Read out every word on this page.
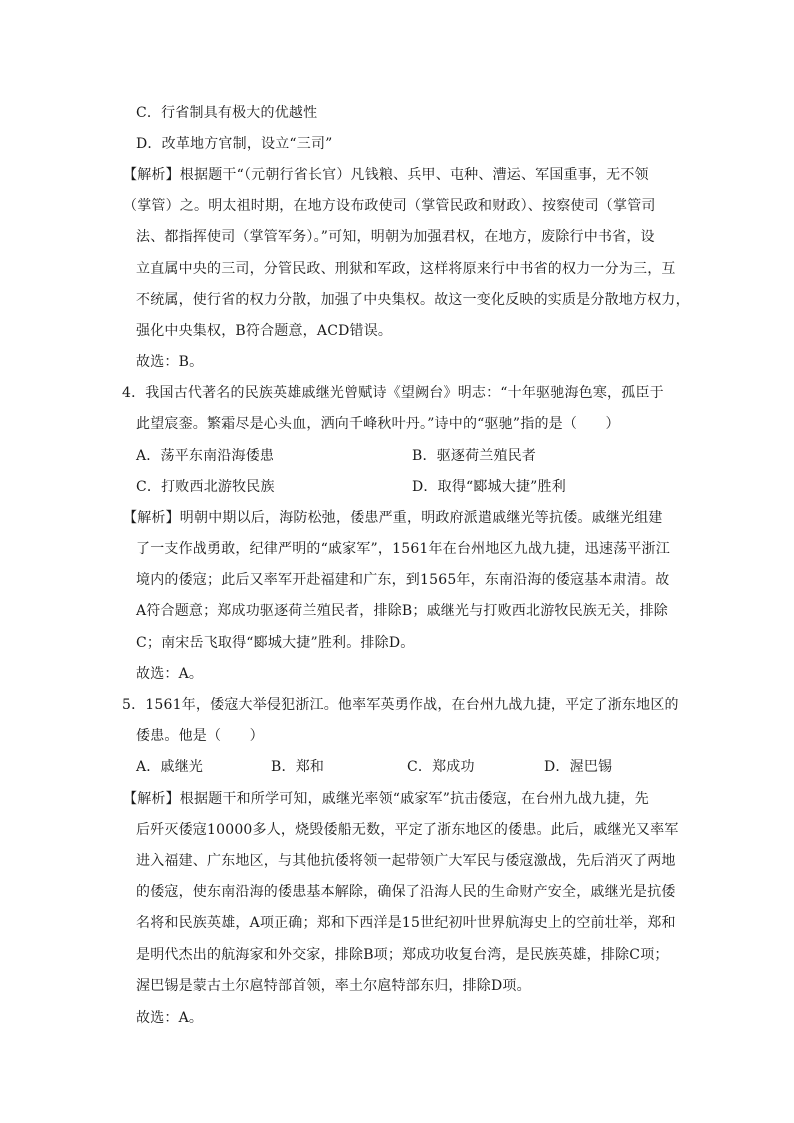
C．行省制具有极大的优越性
D．改革地方官制，设立“三司”
【解析】根据题干“（元朝行省长官）凡钱粮、兵甲、屯种、漕运、军国重事，无不领
（掌管）之。明太祖时期，在地方设布政使司（掌管民政和财政）、按察使司（掌管司
法、都指挥使司（掌管军务）。”可知，明朝为加强君权，在地方，废除行中书省，设
立直属中央的三司，分管民政、刑狱和军政，这样将原来行中书省的权力一分为三，互
不统属，使行省的权力分散，加强了中央集权。故这一变化反映的实质是分散地方权力，
强化中央集权，B符合题意，ACD错误。
故选：B。
4．我国古代著名的民族英雄戚继光曾赋诗《望阙台》明志：“十年驱驰海色寒，孤臣于
此望宸銮。繁霜尽是心头血，洒向千峰秋叶丹。”诗中的“驱驰”指的是（　　）
A．荡平东南沿海倭患	B．驱逐荷兰殖民者
C．打败西北游牧民族	D．取得“郾城大捷”胜利
【解析】明朝中期以后，海防松弛，倭患严重，明政府派遣戚继光等抗倭。戚继光组建
了一支作战勇敢，纪律严明的“戚家军”，1561年在台州地区九战九捷，迅速荡平浙江
境内的倭寇；此后又率军开赴福建和广东，到1565年，东南沿海的倭寇基本肃清。故
A符合题意；郑成功驱逐荷兰殖民者，排除B；戚继光与打败西北游牧民族无关，排除
C；南宋岳飞取得“郾城大捷”胜利。排除D。
故选：A。
5．1561年，倭寇大举侵犯浙江。他率军英勇作战，在台州九战九捷，平定了浙东地区的
倭患。他是（　　）
A．戚继光	B．郑和	C．郑成功	D．渥巴锡
【解析】根据题干和所学可知，戚继光率领“戚家军”抗击倭寇，在台州九战九捷，先
后歼灭倭寇10000多人，烧毁倭船无数，平定了浙东地区的倭患。此后，戚继光又率军
进入福建、广东地区，与其他抗倭将领一起带领广大军民与倭寇激战，先后消灭了两地
的倭寇，使东南沿海的倭患基本解除，确保了沿海人民的生命财产安全，戚继光是抗倭
名将和民族英雄，A项正确；郑和下西洋是15世纪初叶世界航海史上的空前壮举，郑和
是明代杰出的航海家和外交家，排除B项；郑成功收复台湾，是民族英雄，排除C项；
渥巴锡是蒙古土尔扈特部首领，率土尔扈特部东归，排除D项。
故选：A。
